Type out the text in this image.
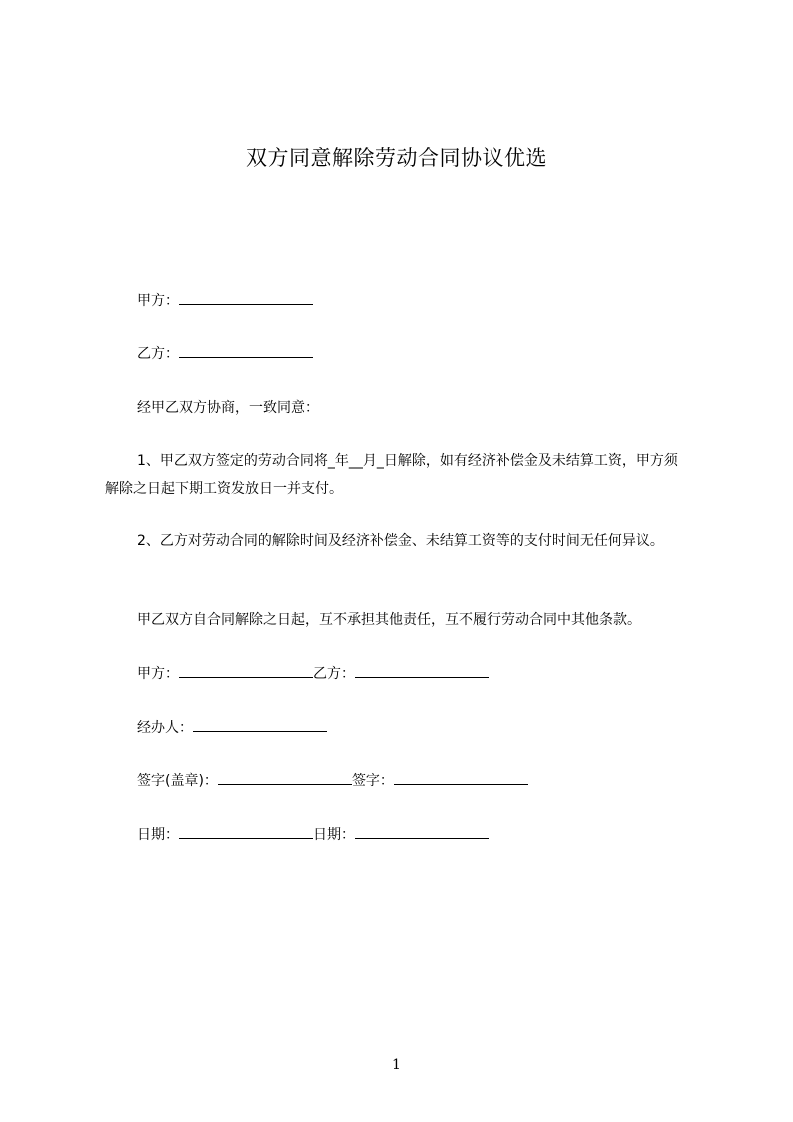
双方同意解除劳动合同协议优选
甲方：
乙方：
经甲乙双方协商，一致同意：
1、甲乙双方签定的劳动合同将_年__月_日解除，如有经济补偿金及未结算工资，甲方须解除之日起下期工资发放日一并支付。
2、乙方对劳动合同的解除时间及经济补偿金、未结算工资等的支付时间无任何异议。
甲乙双方自合同解除之日起，互不承担其他责任，互不履行劳动合同中其他条款。
甲方：	乙方：
经办人：
签字(盖章)：	签字：
日期：	日期：
1
